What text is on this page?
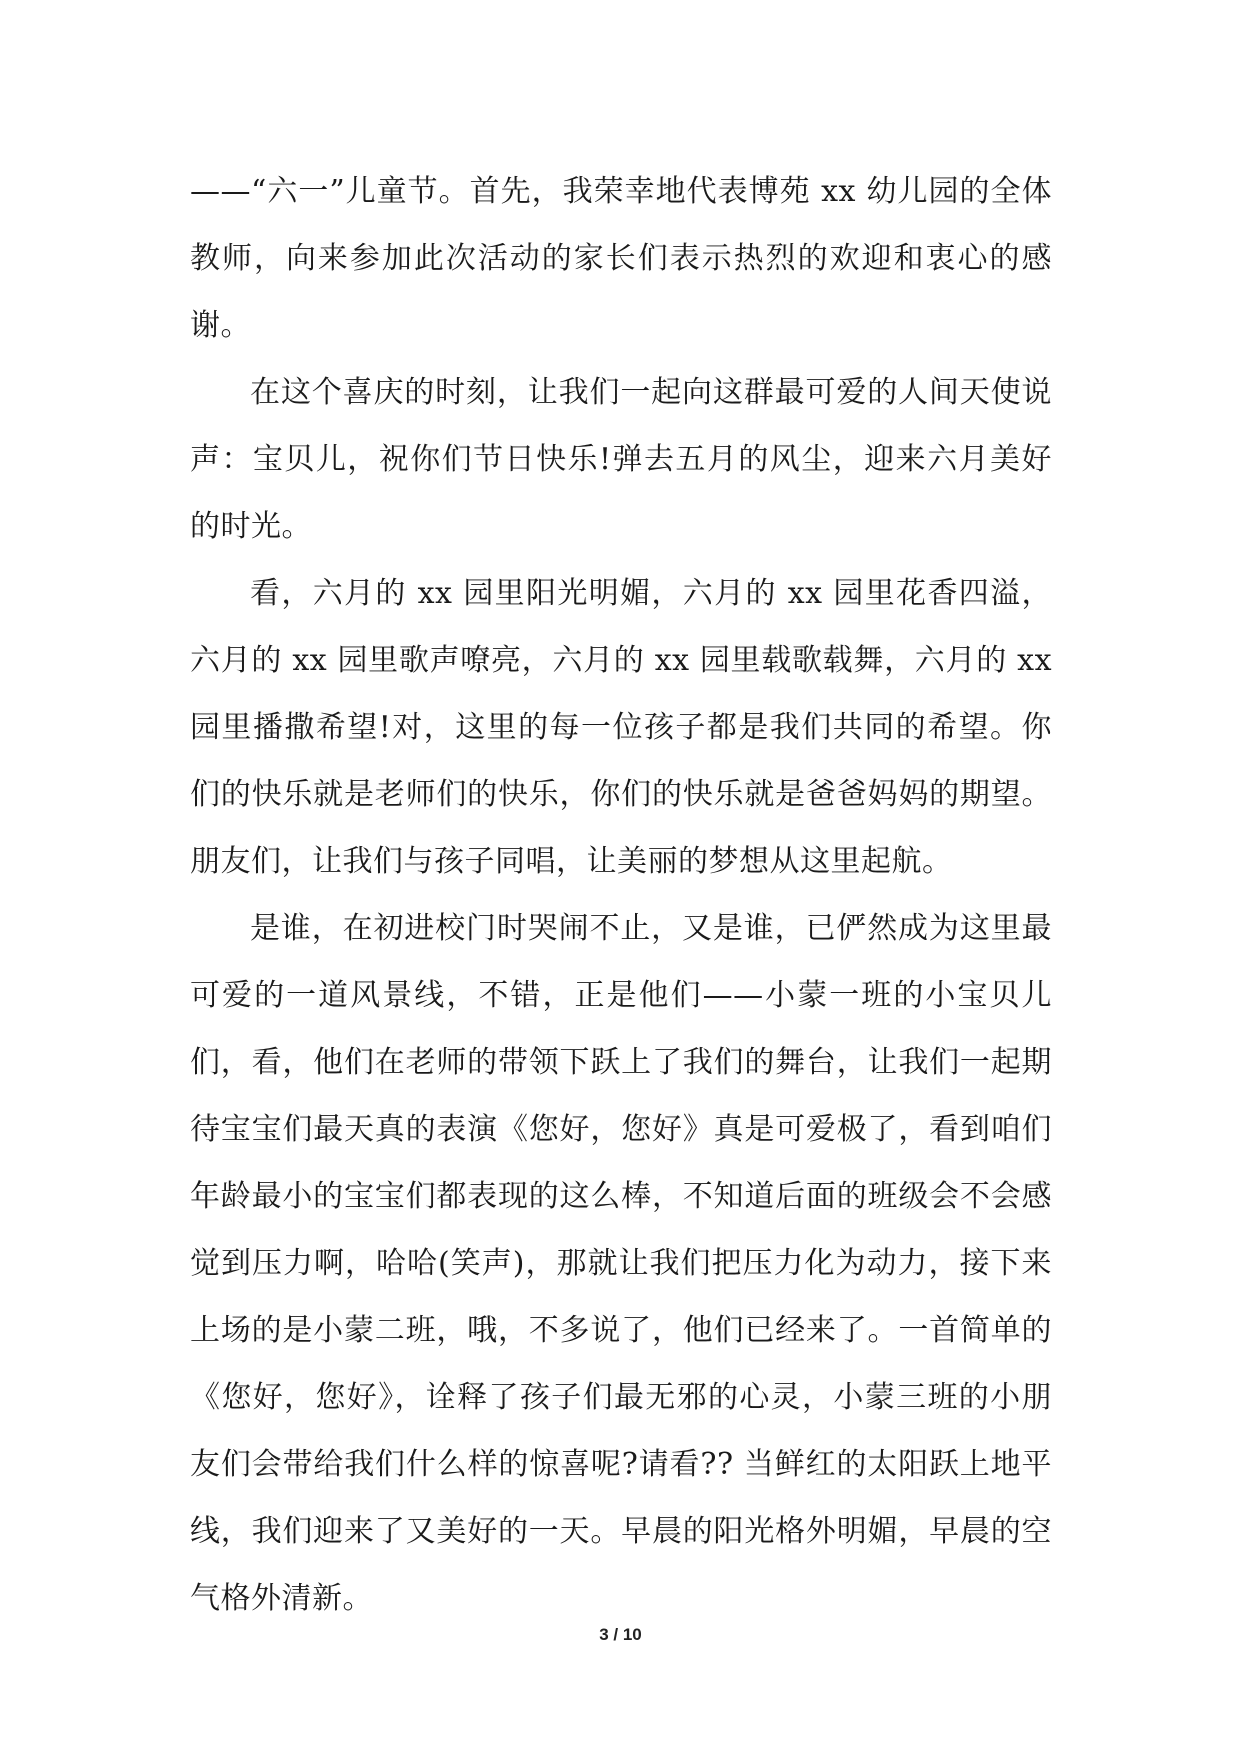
——“六一”儿童节。首先，我荣幸地代表博苑 xx 幼儿园的全体教师，向来参加此次活动的家长们表示热烈的欢迎和衷心的感谢。

在这个喜庆的时刻，让我们一起向这群最可爱的人间天使说声：宝贝儿，祝你们节日快乐!弹去五月的风尘，迎来六月美好的时光。

看，六月的 xx 园里阳光明媚，六月的 xx 园里花香四溢，六月的 xx 园里歌声嘹亮，六月的 xx 园里载歌载舞，六月的 xx 园里播撒希望!对，这里的每一位孩子都是我们共同的希望。你们的快乐就是老师们的快乐，你们的快乐就是爸爸妈妈的期望。朋友们，让我们与孩子同唱，让美丽的梦想从这里起航。

是谁，在初进校门时哭闹不止，又是谁，已俨然成为这里最可爱的一道风景线，不错，正是他们——小蒙一班的小宝贝儿们，看，他们在老师的带领下跃上了我们的舞台，让我们一起期待宝宝们最天真的表演《您好，您好》真是可爱极了，看到咱们年龄最小的宝宝们都表现的这么棒，不知道后面的班级会不会感觉到压力啊，哈哈(笑声)，那就让我们把压力化为动力，接下来上场的是小蒙二班，哦，不多说了，他们已经来了。一首简单的《您好，您好》，诠释了孩子们最无邪的心灵，小蒙三班的小朋友们会带给我们什么样的惊喜呢?请看?? 当鲜红的太阳跃上地平线，我们迎来了又美好的一天。早晨的阳光格外明媚，早晨的空气格外清新。

3 / 10
